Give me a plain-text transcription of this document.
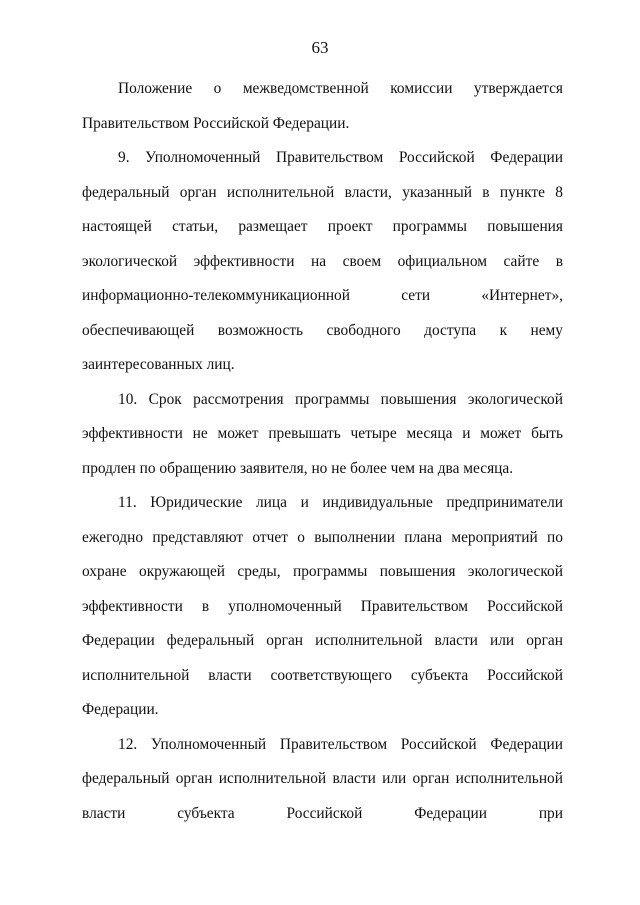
63

Положение о межведомственной комиссии утверждается Правительством Российской Федерации.

9. Уполномоченный Правительством Российской Федерации федеральный орган исполнительной власти, указанный в пункте 8 настоящей статьи, размещает проект программы повышения экологической эффективности на своем официальном сайте в информационно-телекоммуникационной сети «Интернет», обеспечивающей возможность свободного доступа к нему заинтересованных лиц.

10. Срок рассмотрения программы повышения экологической эффективности не может превышать четыре месяца и может быть продлен по обращению заявителя, но не более чем на два месяца.

11. Юридические лица и индивидуальные предприниматели ежегодно представляют отчет о выполнении плана мероприятий по охране окружающей среды, программы повышения экологической эффективности в уполномоченный Правительством Российской Федерации федеральный орган исполнительной власти или орган исполнительной власти соответствующего субъекта Российской Федерации.

12. Уполномоченный Правительством Российской Федерации федеральный орган исполнительной власти или орган исполнительной власти субъекта Российской Федерации при
